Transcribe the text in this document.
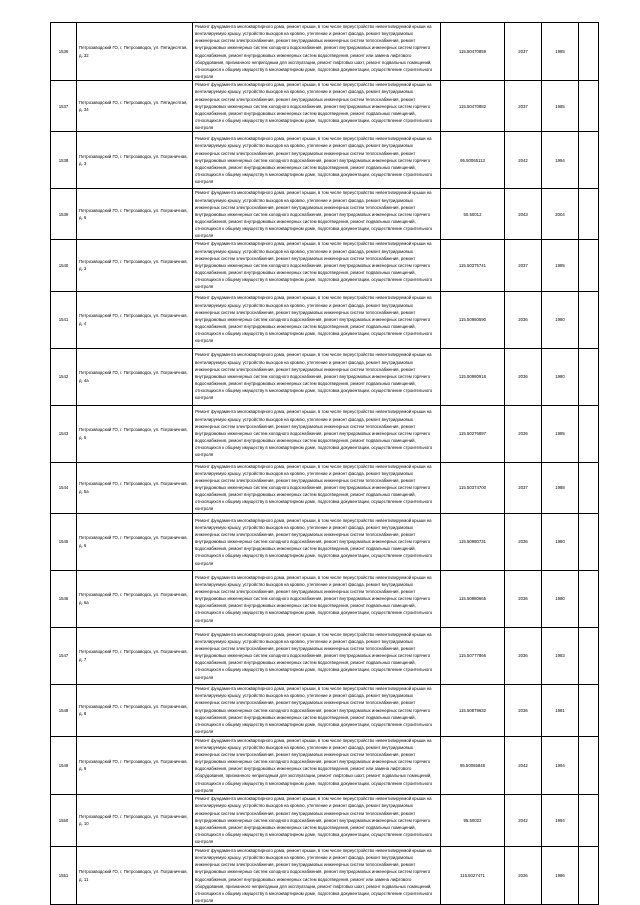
1536	Петрозаводский ГО, г. Петрозаводск, ул. Пятидесятая, д. 32	Ремонт фундамента многоквартирного дома, ремонт крыши, в том числе переустройство невентилируемой крыши на вентилируемую крышу, устройство выходов на кровлю, утепление и ремонт фасада, ремонт внутридомовых инженерных систем электроснабжения, ремонт внутридомовых инженерных систем теплоснабжения, ремонт внутридомовых инженерных систем холодного водоснабжения, ремонт внутридомовых инженерных систем горячего водоснабжения, ремонт внутридомовых инженерных систем водоотведения, ремонт или замена лифтового оборудования, признанного непригодным для эксплуатации, ремонт лифтовых шахт, ремонт подвальных помещений, относящихся к общему имуществу в многоквартирном доме, подготовка документации, осуществление строительного контроля	115.50470859	2037	1985	
1537	Петрозаводский ГО, г. Петрозаводск, ул. Пятидесятая, д. 34	Ремонт фундамента многоквартирного дома, ремонт крыши, в том числе переустройство невентилируемой крыши на вентилируемую крышу, устройство выходов на кровлю, утепление и ремонт фасада, ремонт внутридомовых инженерных систем электроснабжения, ремонт внутридомовых инженерных систем теплоснабжения, ремонт внутридомовых инженерных систем холодного водоснабжения, ремонт внутридомовых инженерных систем горячего водоснабжения, ремонт внутридомовых инженерных систем водоотведения, ремонт подвальных помещений, относящихся к общему имуществу в многоквартирном доме, подготовка документации, осуществление строительного контроля	115.50470882	2037	1985	
1538	Петрозаводский ГО, г. Петрозаводск, ул. Пограничная, д. 3	Ремонт фундамента многоквартирного дома, ремонт крыши, в том числе переустройство невентилируемой крыши на вентилируемую крышу, устройство выходов на кровлю, утепление и ремонт фасада, ремонт внутридомовых инженерных систем электроснабжения, ремонт внутридомовых инженерных систем теплоснабжения, ремонт внутридомовых инженерных систем холодного водоснабжения, ремонт внутридомовых инженерных систем горячего водоснабжения, ремонт внутридомовых инженерных систем водоотведения, ремонт подвальных помещений, относящихся к общему имуществу в многоквартирном доме, подготовка документации, осуществление строительного контроля	95.50065113	2042	1994	
1539	Петрозаводский ГО, г. Петрозаводск, ул. Пограничная, д. 6	Ремонт фундамента многоквартирного дома, ремонт крыши, в том числе переустройство невентилируемой крыши на вентилируемую крышу, устройство выходов на кровлю, утепление и ремонт фасада, ремонт внутридомовых инженерных систем электроснабжения, ремонт внутридомовых инженерных систем теплоснабжения, ремонт внутридомовых инженерных систем холодного водоснабжения, ремонт внутридомовых инженерных систем горячего водоснабжения, ремонт внутридомовых инженерных систем водоотведения, ремонт подвальных помещений, относящихся к общему имуществу в многоквартирном доме, подготовка документации, осуществление строительного контроля	50.50012	2043	2004	
1540	Петрозаводский ГО, г. Петрозаводск, ул. Пограничная, д. 3	Ремонт фундамента многоквартирного дома, ремонт крыши, в том числе переустройство невентилируемой крыши на вентилируемую крышу, устройство выходов на кровлю, утепление и ремонт фасада, ремонт внутридомовых инженерных систем электроснабжения, ремонт внутридомовых инженерных систем теплоснабжения, ремонт внутридомовых инженерных систем холодного водоснабжения, ремонт внутридомовых инженерных систем горячего водоснабжения, ремонт внутридомовых инженерных систем водоотведения, ремонт подвальных помещений, относящихся к общему имуществу в многоквартирном доме, подготовка документации, осуществление строительного контроля	115.50375741	2037	1985	
1541	Петрозаводский ГО, г. Петрозаводск, ул. Пограничная, д. 4	Ремонт фундамента многоквартирного дома, ремонт крыши, в том числе переустройство невентилируемой крыши на вентилируемую крышу, устройство выходов на кровлю, утепление и ремонт фасада, ремонт внутридомовых инженерных систем электроснабжения, ремонт внутридомовых инженерных систем теплоснабжения, ремонт внутридомовых инженерных систем холодного водоснабжения, ремонт внутридомовых инженерных систем горячего водоснабжения, ремонт внутридомовых инженерных систем водоотведения, ремонт подвальных помещений, относящихся к общему имуществу в многоквартирном доме, подготовка документации, осуществление строительного контроля	115.50980590	2036	1980	
1542	Петрозаводский ГО, г. Петрозаводск, ул. Пограничная, д. 4а	Ремонт фундамента многоквартирного дома, ремонт крыши, в том числе переустройство невентилируемой крыши на вентилируемую крышу, устройство выходов на кровлю, утепление и ремонт фасада, ремонт внутридомовых инженерных систем электроснабжения, ремонт внутридомовых инженерных систем теплоснабжения, ремонт внутридомовых инженерных систем холодного водоснабжения, ремонт внутридомовых инженерных систем горячего водоснабжения, ремонт внутридомовых инженерных систем водоотведения, ремонт подвальных помещений, относящихся к общему имуществу в многоквартирном доме, подготовка документации, осуществление строительного контроля	115.50980918	2036	1980	
1543	Петрозаводский ГО, г. Петрозаводск, ул. Пограничная, д. 5	Ремонт фундамента многоквартирного дома, ремонт крыши, в том числе переустройство невентилируемой крыши на вентилируемую крышу, устройство выходов на кровлю, утепление и ремонт фасада, ремонт внутридомовых инженерных систем электроснабжения, ремонт внутридомовых инженерных систем теплоснабжения, ремонт внутридомовых инженерных систем холодного водоснабжения, ремонт внутридомовых инженерных систем горячего водоснабжения, ремонт внутридомовых инженерных систем водоотведения, ремонт подвальных помещений, относящихся к общему имуществу в многоквартирном доме, подготовка документации, осуществление строительного контроля	115.50276897	2036	1985	
1544	Петрозаводский ГО, г. Петрозаводск, ул. Пограничная, д. 5а	Ремонт фундамента многоквартирного дома, ремонт крыши, в том числе переустройство невентилируемой крыши на вентилируемую крышу, устройство выходов на кровлю, утепление и ремонт фасада, ремонт внутридомовых инженерных систем электроснабжения, ремонт внутридомовых инженерных систем теплоснабжения, ремонт внутридомовых инженерных систем холодного водоснабжения, ремонт внутридомовых инженерных систем горячего водоснабжения, ремонт внутридомовых инженерных систем водоотведения, ремонт подвальных помещений, относящихся к общему имуществу в многоквартирном доме, подготовка документации, осуществление строительного контроля	115.50374700	2037	1988	
1545	Петрозаводский ГО, г. Петрозаводск, ул. Пограничная, д. 6	Ремонт фундамента многоквартирного дома, ремонт крыши, в том числе переустройство невентилируемой крыши на вентилируемую крышу, устройство выходов на кровлю, утепление и ремонт фасада, ремонт внутридомовых инженерных систем электроснабжения, ремонт внутридомовых инженерных систем теплоснабжения, ремонт внутридомовых инженерных систем холодного водоснабжения, ремонт внутридомовых инженерных систем горячего водоснабжения, ремонт внутридомовых инженерных систем водоотведения, ремонт подвальных помещений, относящихся к общему имуществу в многоквартирном доме, подготовка документации, осуществление строительного контроля	115.50980731	2036	1980	
1546	Петрозаводский ГО, г. Петрозаводск, ул. Пограничная, д. 6а	Ремонт фундамента многоквартирного дома, ремонт крыши, в том числе переустройство невентилируемой крыши на вентилируемую крышу, устройство выходов на кровлю, утепление и ремонт фасада, ремонт внутридомовых инженерных систем электроснабжения, ремонт внутридомовых инженерных систем теплоснабжения, ремонт внутридомовых инженерных систем холодного водоснабжения, ремонт внутридомовых инженерных систем горячего водоснабжения, ремонт внутридомовых инженерных систем водоотведения, ремонт подвальных помещений, относящихся к общему имуществу в многоквартирном доме, подготовка документации, осуществление строительного контроля	115.50980665	2036	1980	
1547	Петрозаводский ГО, г. Петрозаводск, ул. Пограничная, д. 7	Ремонт фундамента многоквартирного дома, ремонт крыши, в том числе переустройство невентилируемой крыши на вентилируемую крышу, устройство выходов на кровлю, утепление и ремонт фасада, ремонт внутридомовых инженерных систем электроснабжения, ремонт внутридомовых инженерных систем теплоснабжения, ремонт внутридомовых инженерных систем холодного водоснабжения, ремонт внутридомовых инженерных систем горячего водоснабжения, ремонт внутридомовых инженерных систем водоотведения, ремонт подвальных помещений, относящихся к общему имуществу в многоквартирном доме, подготовка документации, осуществление строительного контроля	115.50777866	2036	1983	
1548	Петрозаводский ГО, г. Петрозаводск, ул. Пограничная, д. 8	Ремонт фундамента многоквартирного дома, ремонт крыши, в том числе переустройство невентилируемой крыши на вентилируемую крышу, устройство выходов на кровлю, утепление и ремонт фасада, ремонт внутридомовых инженерных систем электроснабжения, ремонт внутридомовых инженерных систем теплоснабжения, ремонт внутридомовых инженерных систем холодного водоснабжения, ремонт внутридомовых инженерных систем горячего водоснабжения, ремонт внутридомовых инженерных систем водоотведения, ремонт подвальных помещений, относящихся к общему имуществу в многоквартирном доме, подготовка документации, осуществление строительного контроля	115.50879632	2036	1981	
1549	Петрозаводский ГО, г. Петрозаводск, ул. Пограничная, д. 9	Ремонт фундамента многоквартирного дома, ремонт крыши, в том числе переустройство невентилируемой крыши на вентилируемую крышу, устройство выходов на кровлю, утепление и ремонт фасада, ремонт внутридомовых инженерных систем электроснабжения, ремонт внутридомовых инженерных систем теплоснабжения, ремонт внутридомовых инженерных систем холодного водоснабжения, ремонт внутридомовых инженерных систем горячего водоснабжения, ремонт внутридомовых инженерных систем водоотведения, ремонт или замена лифтового оборудования, признанного непригодным для эксплуатации, ремонт лифтовых шахт, ремонт подвальных помещений, относящихся к общему имуществу в многоквартирном доме, подготовка документации, осуществление строительного контроля	95.50065848	2042	1994	
1550	Петрозаводский ГО, г. Петрозаводск, ул. Пограничная, д. 10	Ремонт фундамента многоквартирного дома, ремонт крыши, в том числе переустройство невентилируемой крыши на вентилируемую крышу, устройство выходов на кровлю, утепление и ремонт фасада, ремонт внутридомовых инженерных систем электроснабжения, ремонт внутридомовых инженерных систем теплоснабжения, ремонт внутридомовых инженерных систем холодного водоснабжения, ремонт внутридомовых инженерных систем горячего водоснабжения, ремонт внутридомовых инженерных систем водоотведения, ремонт подвальных помещений, относящихся к общему имуществу в многоквартирном доме, подготовка документации, осуществление строительного контроля	95.50022	2042	1994	
1551	Петрозаводский ГО, г. Петрозаводск, ул. Пограничная, д. 11	Ремонт фундамента многоквартирного дома, ремонт крыши, в том числе переустройство невентилируемой крыши на вентилируемую крышу, устройство выходов на кровлю, утепление и ремонт фасада, ремонт внутридомовых инженерных систем электроснабжения, ремонт внутридомовых инженерных систем теплоснабжения, ремонт внутридомовых инженерных систем холодного водоснабжения, ремонт внутридомовых инженерных систем горячего водоснабжения, ремонт внутридомовых инженерных систем водоотведения, ремонт или замена лифтового оборудования, признанного непригодным для эксплуатации, ремонт лифтовых шахт, ремонт подвальных помещений, относящихся к общему имуществу в многоквартирном доме, подготовка документации, осуществление строительного контроля	115.5027471	2036	1986	
